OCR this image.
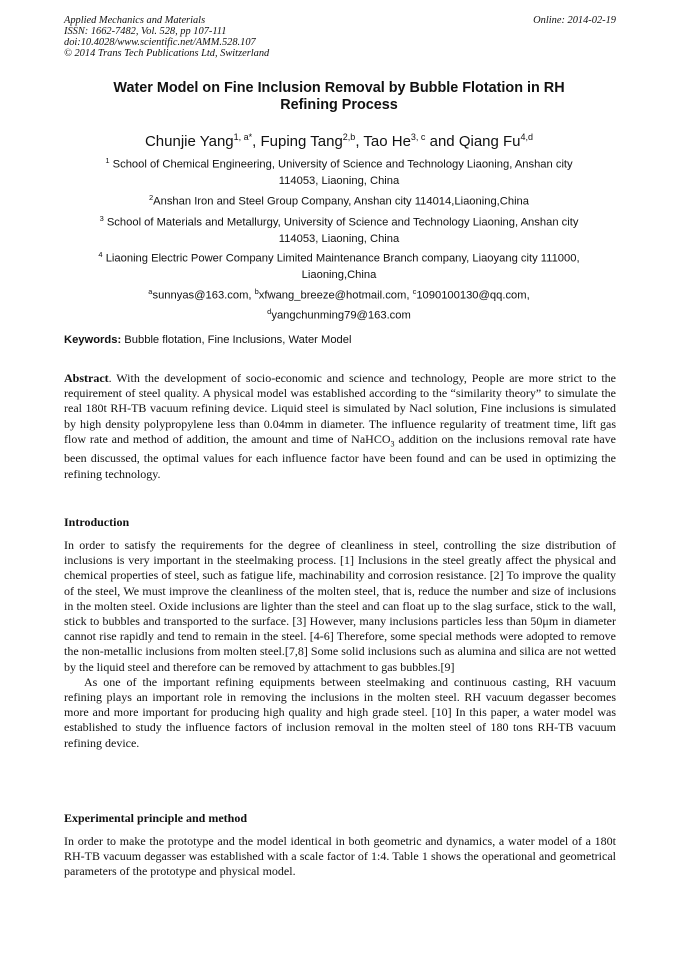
Applied Mechanics and Materials
ISSN: 1662-7482, Vol. 528, pp 107-111
doi:10.4028/www.scientific.net/AMM.528.107
© 2014 Trans Tech Publications Ltd, Switzerland
Online: 2014-02-19
Water Model on Fine Inclusion Removal by Bubble Flotation in RH
Refining Process
Chunjie Yang$^{1, a*}$, Fuping Tang$^{2,b}$, Tao He$^{3, c}$ and Qiang Fu$^{4,d}$
$^1$ School of Chemical Engineering, University of Science and Technology Liaoning, Anshan city
114053, Liaoning, China
$^2$Anshan Iron and Steel Group Company, Anshan city 114014,Liaoning,China
$^3$ School of Materials and Metallurgy, University of Science and Technology Liaoning, Anshan city
114053, Liaoning, China
$^4$ Liaoning Electric Power Company Limited Maintenance Branch company, Liaoyang city 111000,
Liaoning,China
$^a$sunnyas@163.com, $^b$xfwang_breeze@hotmail.com, $^c$1090100130@qq.com,
$^d$yangchunming79@163.com
Keywords: Bubble flotation, Fine Inclusions, Water Model

Abstract. With the development of socio-economic and science and technology, People are more strict to the requirement of steel quality. A physical model was established according to the “similarity theory” to simulate the real 180t RH-TB vacuum refining device. Liquid steel is simulated by Nacl solution, Fine inclusions is simulated by high density polypropylene less than 0.04mm in diameter. The influence regularity of treatment time, lift gas flow rate and method of addition, the amount and time of NaHCO$_3$ addition on the inclusions removal rate have been discussed, the optimal values for each influence factor have been found and can be used in optimizing the refining technology.

Introduction

In order to satisfy the requirements for the degree of cleanliness in steel, controlling the size distribution of inclusions is very important in the steelmaking process. [1] Inclusions in the steel greatly affect the physical and chemical properties of steel, such as fatigue life, machinability and corrosion resistance. [2] To improve the quality of the steel, We must improve the cleanliness of the molten steel, that is, reduce the number and size of inclusions in the molten steel. Oxide inclusions are lighter than the steel and can float up to the slag surface, stick to the wall, stick to bubbles and transported to the surface. [3] However, many inclusions particles less than 50μm in diameter cannot rise rapidly and tend to remain in the steel. [4-6] Therefore, some special methods were adopted to remove the non-metallic inclusions from molten steel.[7,8] Some solid inclusions such as alumina and silica are not wetted by the liquid steel and therefore can be removed by attachment to gas bubbles.[9]

As one of the important refining equipments between steelmaking and continuous casting, RH vacuum refining plays an important role in removing the inclusions in the molten steel. RH vacuum degasser becomes more and more important for producing high quality and high grade steel. [10] In this paper, a water model was established to study the influence factors of inclusion removal in the molten steel of 180 tons RH-TB vacuum refining device.

Experimental principle and method

In order to make the prototype and the model identical in both geometric and dynamics, a water model of a 180t RH-TB vacuum degasser was established with a scale factor of 1:4. Table 1 shows the operational and geometrical parameters of the prototype and physical model.
